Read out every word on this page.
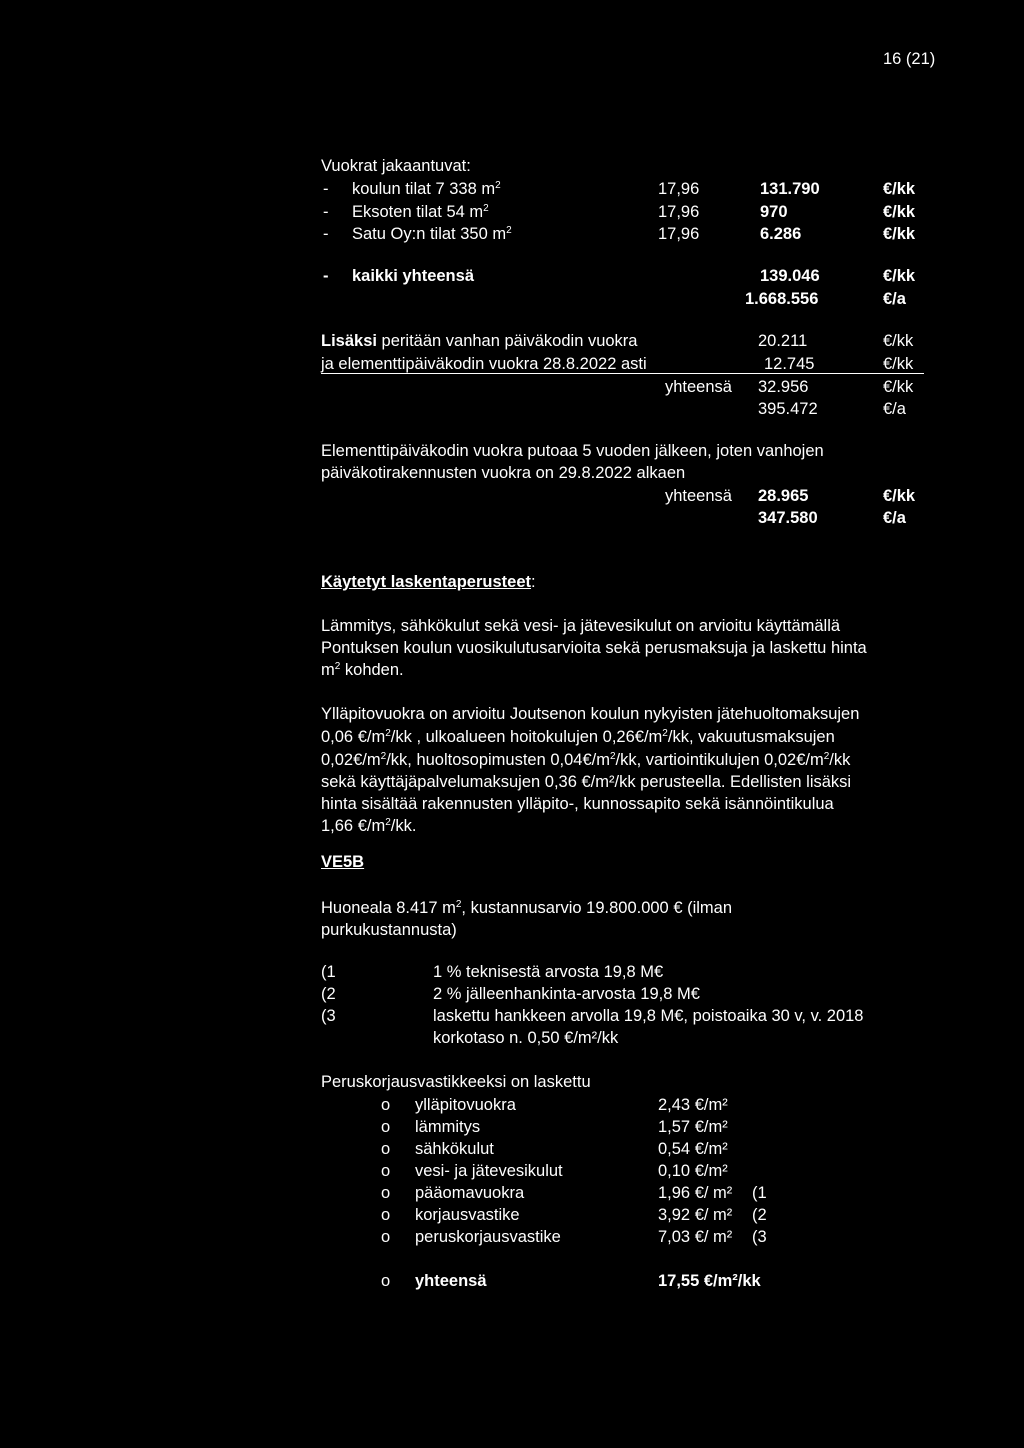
16 (21)
Vuokrat jakaantuvat:
- koulun tilat 7 338 $m^2$	17,96	131.790	€/kk
- Eksoten tilat 54 $m^2$	17,96	970	€/kk
- Satu Oy:n tilat 350 $m^2$	17,96	6.286	€/kk
- kaikki yhteensä	139.046	€/kk
1.668.556	€/a
Lisäksi peritään vanhan päiväkodin vuokra	20.211	€/kk
ja elementtipäiväkodin vuokra 28.8.2022 asti	12.745	€/kk
yhteensä 32.956	€/kk
395.472	€/a
Elementtipäiväkodin vuokra putoaa 5 vuoden jälkeen, joten vanhojen
päiväkotirakennusten vuokra on 29.8.2022 alkaen
yhteensä 28.965	€/kk
347.580	€/a
Käytetyt laskentaperusteet:
Lämmitys, sähkökulut sekä vesi- ja jätevesikulut on arvioitu käyttämällä
Pontuksen koulun vuosikulutusarvioita sekä perusmaksuja ja laskettu hinta
$m^2$ kohden.
Ylläpitovuokra on arvioitu Joutsenon koulun nykyisten jätehuoltomaksujen
0,06 $€/m^2/kk$ , ulkoalueen hoitokulujen $0,26€/m^2/kk$, vakuutusmaksujen
$0,02€/m^2/kk$, huoltosopimusten $0,04€/m^2/kk$, vartiointikulujen $0,02€/m^2/kk$
sekä käyttäjäpalvelumaksujen 0,36 €/m²/kk perusteella. Edellisten lisäksi
hinta sisältää rakennusten ylläpito-, kunnossapito sekä isännöintikulua
1,66 $€/m^2/kk$.
VE5B
Huoneala 8.417 $m^2$, kustannusarvio 19.800.000 € (ilman
purkukustannusta)
(1	1 % teknisestä arvosta 19,8 M€
(2	2 % jälleenhankinta-arvosta 19,8 M€
(3	laskettu hankkeen arvolla 19,8 M€, poistoaika 30 v, v. 2018
korkotaso n. 0,50 €/m²/kk
Peruskorjausvastikkeeksi on laskettu
o ylläpitovuokra	2,43 €/m²
o lämmitys	1,57 €/m²
o sähkökulut	0,54 €/m²
o vesi- ja jätevesikulut	0,10 €/m²
o pääomavuokra	1,96 €/ m² (1
o korjausvastike	3,92 €/ m² (2
o peruskorjausvastike	7,03 €/ m² (3
o yhteensä	17,55 €/m²/kk
